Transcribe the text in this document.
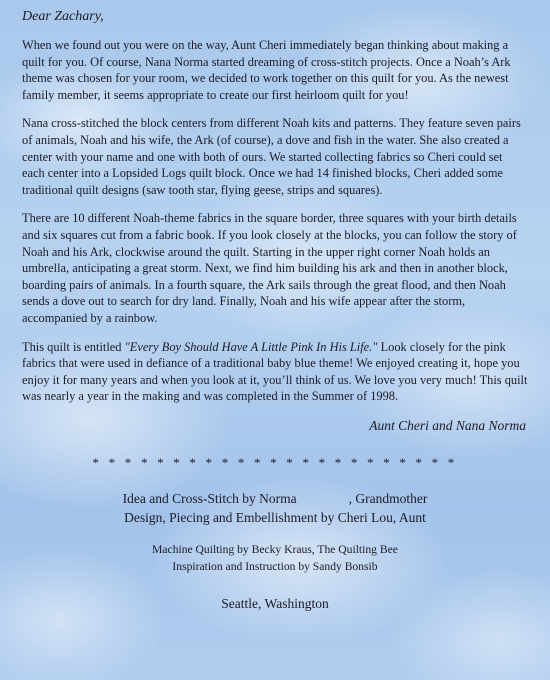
Dear Zachary,

When we found out you were on the way, Aunt Cheri immediately began thinking about making a quilt for you. Of course, Nana Norma started dreaming of cross-stitch projects. Once a Noah’s Ark theme was chosen for your room, we decided to work together on this quilt for you. As the newest family member, it seems appropriate to create our first heirloom quilt for you!

Nana cross-stitched the block centers from different Noah kits and patterns. They feature seven pairs of animals, Noah and his wife, the Ark (of course), a dove and fish in the water. She also created a center with your name and one with both of ours. We started collecting fabrics so Cheri could set each center into a Lopsided Logs quilt block. Once we had 14 finished blocks, Cheri added some traditional quilt designs (saw tooth star, flying geese, strips and squares).

There are 10 different Noah-theme fabrics in the square border, three squares with your birth details and six squares cut from a fabric book. If you look closely at the blocks, you can follow the story of Noah and his Ark, clockwise around the quilt. Starting in the upper right corner Noah holds an umbrella, anticipating a great storm. Next, we find him building his ark and then in another block, boarding pairs of animals. In a fourth square, the Ark sails through the great flood, and then Noah sends a dove out to search for dry land. Finally, Noah and his wife appear after the storm, accompanied by a rainbow.

This quilt is entitled "Every Boy Should Have A Little Pink In His Life." Look closely for the pink fabrics that were used in defiance of a traditional baby blue theme! We enjoyed creating it, hope you enjoy it for many years and when you look at it, you’ll think of us. We love you very much! This quilt was nearly a year in the making and was completed in the Summer of 1998.

Aunt Cheri and Nana Norma
* * * * * * * * * * * * * * * * * * * * * * *
Idea and Cross-Stitch by Norma	, Grandmother
Design, Piecing and Embellishment by Cheri Lou, Aunt
Machine Quilting by Becky Kraus, The Quilting Bee
Inspiration and Instruction by Sandy Bonsib
Seattle, Washington
